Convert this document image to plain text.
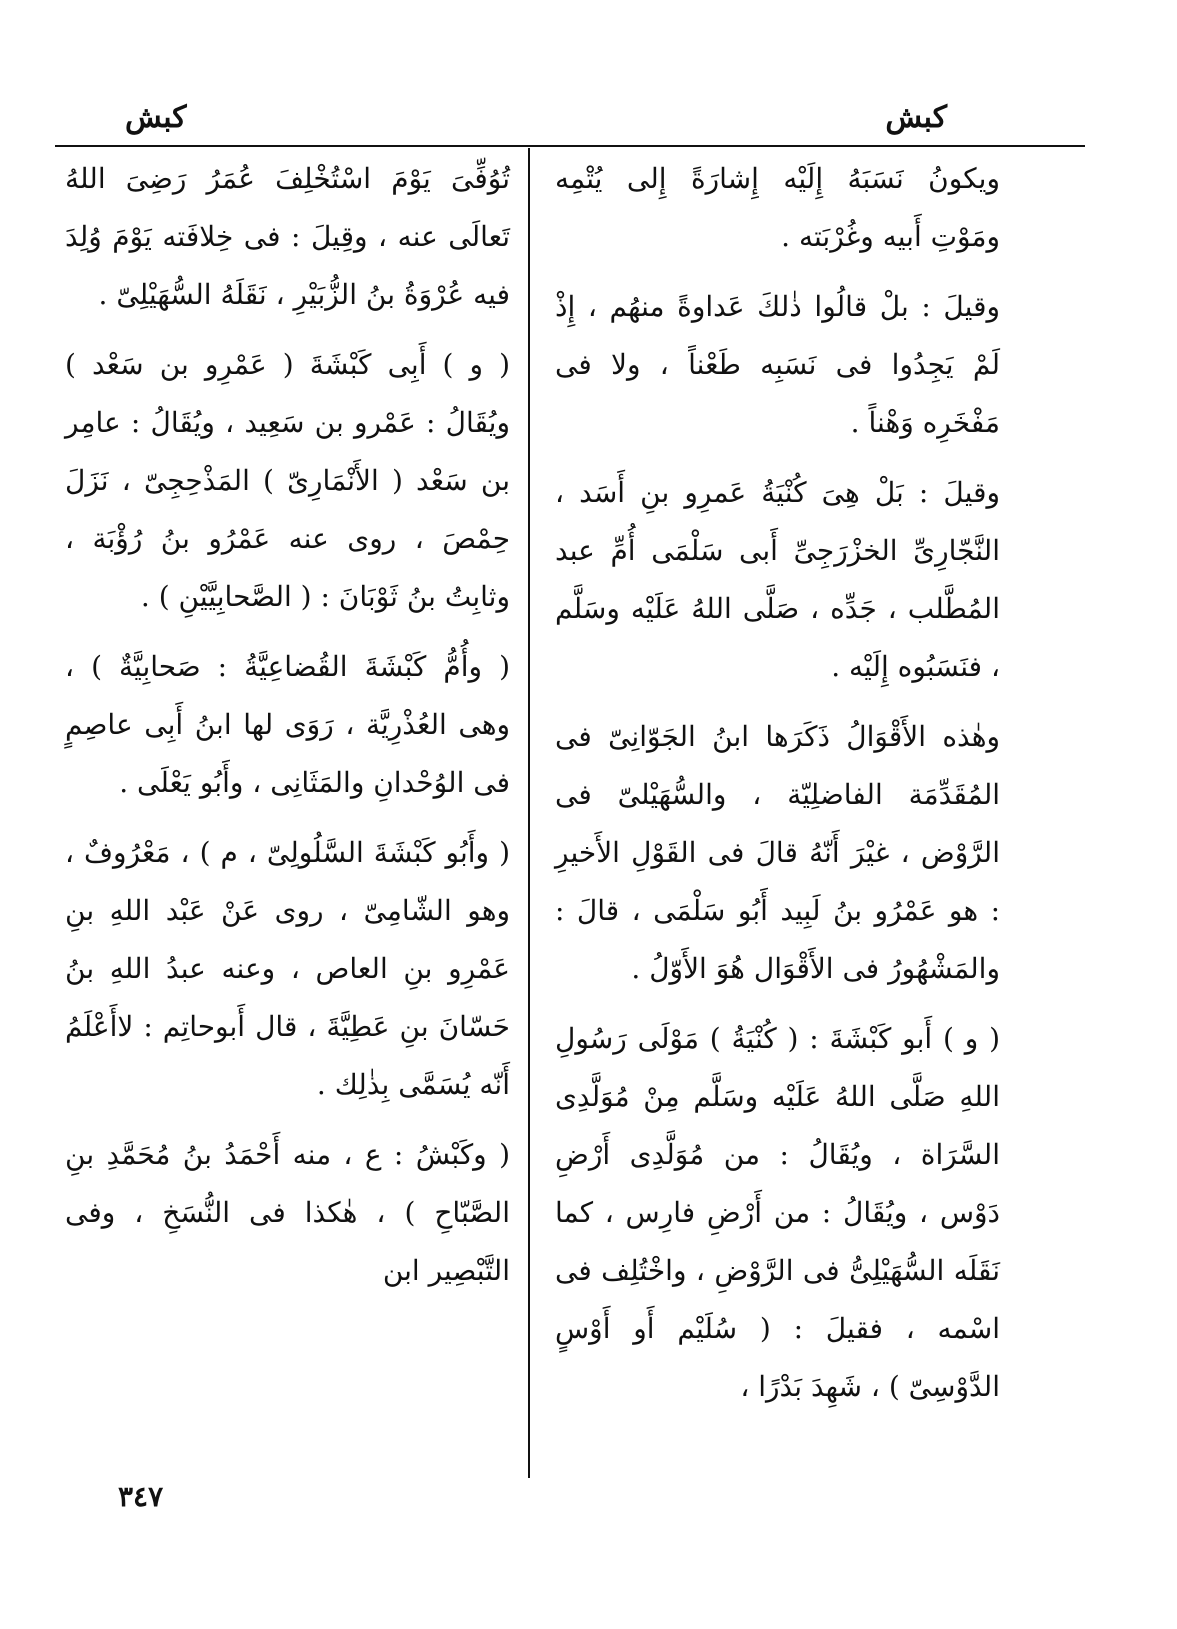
كبش	كبش

ويكونُ نَسَبَهُ إِلَيْه إِشارَةً إِلى يُتْمِه ومَوْتِ أَبيه وغُرْبَته .

وقيلَ : بلْ قالُوا ذٰلكَ عَداوةً منهُم ، إِذْ لَمْ يَجِدُوا فى نَسَبِه طَعْناً ، ولا فى مَفْخَرِه وَهْناً .

وقيلَ : بَلْ هِىَ كُنْيَةُ عَمرِو بنِ أَسَد ، النَّجّارِىِّ الخزْرَجِىِّ أَبى سَلْمَى أُمِّ عبد المُطَّلب ، جَدِّه ، صَلَّى اللهُ عَلَيْه وسَلَّم ، فنَسَبُوه إِلَيْه .

وهٰذه الأَقْوَالُ ذَكَرَها ابنُ الجَوّانِىّ فى المُقَدِّمَة الفاضلِيّة ، والسُّهَيْلىّ فى الرَّوْض ، غيْرَ أَنّهُ قالَ فى القَوْلِ الأَخيرِ : هو عَمْرُو بنُ لَبِيد أَبُو سَلْمَى ، قالَ : والمَشْهُورُ فى الأَقْوَال هُوَ الأَوّلُ .

( و ) أَبو كَبْشَةَ : ( كُنْيَةُ ) مَوْلَى رَسُولِ اللهِ صَلَّى اللهُ عَلَيْه وسَلَّم مِنْ مُوَلَّدِى السَّرَاة ، ويُقَالُ : من مُوَلَّدِى أَرْضِ دَوْس ، ويُقَالُ : من أَرْضِ فارِس ، كما نَقَلَه السُّهَيْلِىُّ فى الرَّوْضِ ، واخْتُلِف فى اسْمه ، فقيلَ : ( سُلَيْم أَو أَوْسٍ الدَّوْسِىّ ) ، شَهِدَ بَدْرًا ،

تُوُفِّىَ يَوْمَ اسْتُخْلِفَ عُمَرُ رَضِىَ اللهُ تَعالَى عنه ، وقِيلَ : فى خِلافَته يَوْمَ وُلِدَ فيه عُرْوَةُ بنُ الزُّبَيْرِ ، نَقَلَهُ السُّهَيْلِىّ .

( و ) أَبِى كَبْشَةَ ( عَمْرِو بن سَعْد ) ويُقَالُ : عَمْرو بن سَعِيد ، ويُقَالُ : عامِر بن سَعْد ( الأَنْمَارِىّ ) المَذْحِجِىّ ، نَزَلَ حِمْصَ ، روى عنه عَمْرُو بنُ رُؤْبَة ، وثابِتُ بنُ ثَوْبَانَ : ( الصَّحابِيَّيْنِ ) .

( وأُمُّ كَبْشَةَ القُضاعِيَّةُ : صَحابِيَّةٌ ) ، وهى العُذْرِيَّة ، رَوَى لها ابنُ أَبِى عاصِمٍ فى الوُحْدانِ والمَثَانِى ، وأَبُو يَعْلَى .

( وأَبُو كَبْشَةَ السَّلُولِىّ ، م ) ، مَعْرُوفٌ ، وهو الشّامِىّ ، روى عَنْ عَبْد اللهِ بنِ عَمْرِو بنِ العاص ، وعنه عبدُ اللهِ بنُ حَسّانَ بنِ عَطِيَّةَ ، قال أَبوحاتِم : لاأَعْلَمُ أَنّه يُسَمَّى بِذٰلِك .

( وكَبْشُ : ع ، منه أَحْمَدُ بنُ مُحَمَّدِ بنِ الصَّبّاحِ ) ، هٰكذا فى النُّسَخِ ، وفى التَّبْصِير ابن

٣٤٧
